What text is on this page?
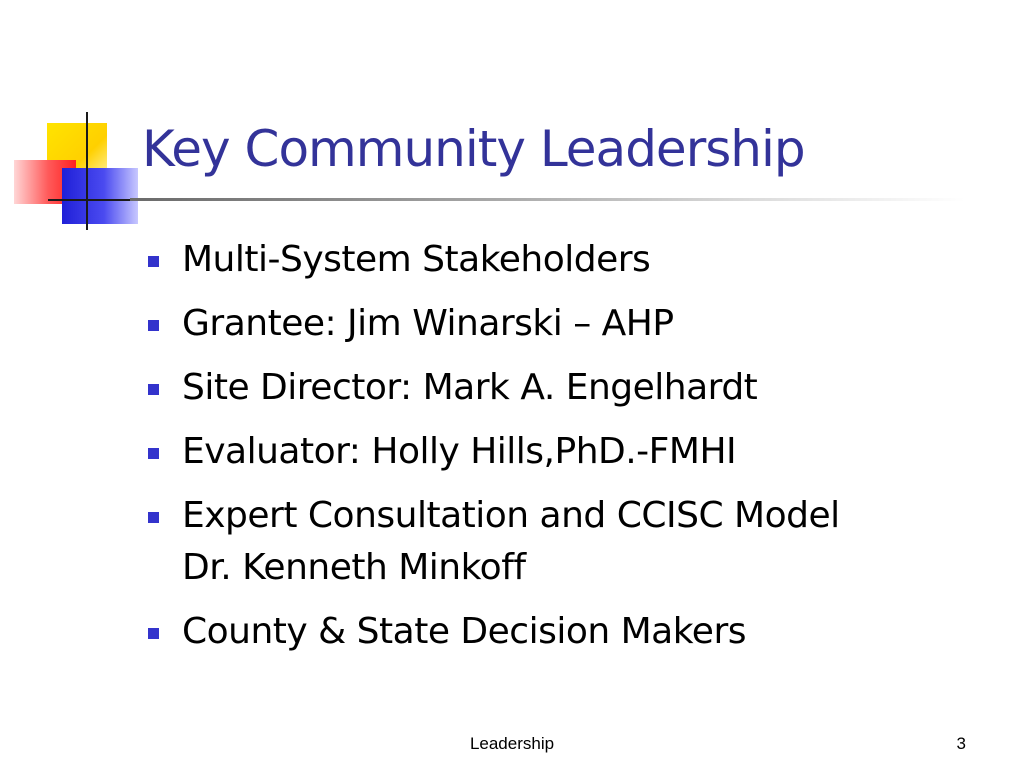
Key Community Leadership
Multi-System Stakeholders
Grantee: Jim Winarski – AHP
Site Director: Mark A. Engelhardt
Evaluator: Holly Hills,PhD.-FMHI
Expert Consultation and CCISC Model
Dr. Kenneth Minkoff
County & State Decision Makers
Leadership	3
